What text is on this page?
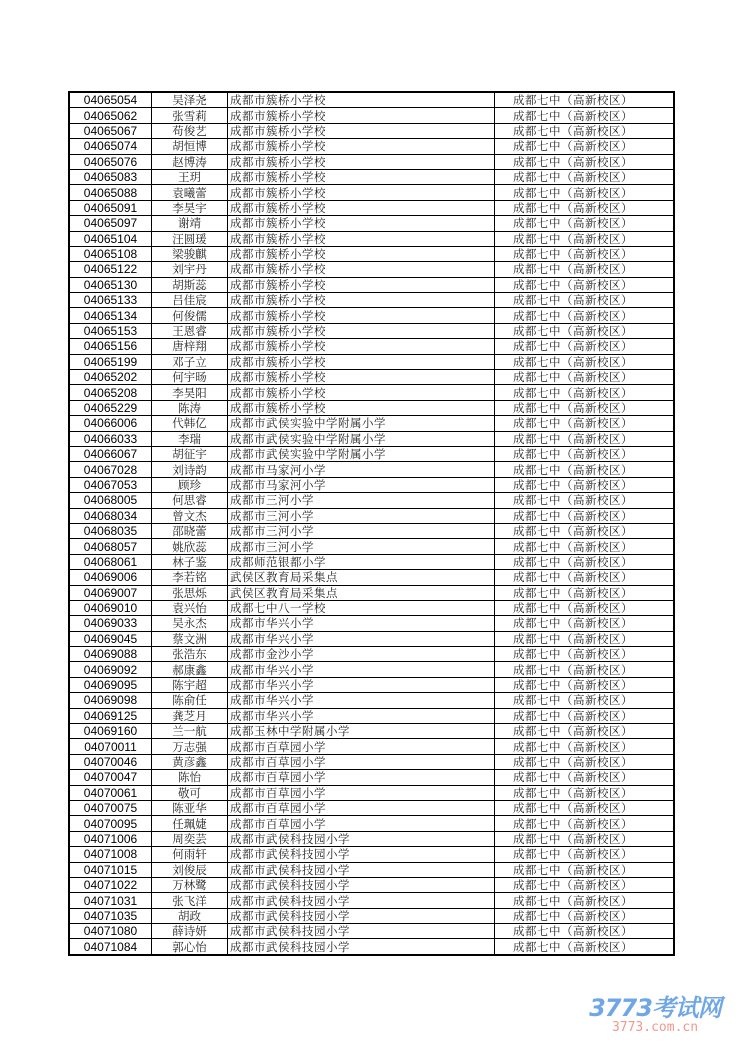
04065054	吴泽尧	成都市簇桥小学校	成都七中（高新校区）
04065062	张雪莉	成都市簇桥小学校	成都七中（高新校区）
04065067	苟俊艺	成都市簇桥小学校	成都七中（高新校区）
04065074	胡恒博	成都市簇桥小学校	成都七中（高新校区）
04065076	赵博涛	成都市簇桥小学校	成都七中（高新校区）
04065083	王玥	成都市簇桥小学校	成都七中（高新校区）
04065088	袁曦蕾	成都市簇桥小学校	成都七中（高新校区）
04065091	李昊宇	成都市簇桥小学校	成都七中（高新校区）
04065097	谢靖	成都市簇桥小学校	成都七中（高新校区）
04065104	汪圆瑗	成都市簇桥小学校	成都七中（高新校区）
04065108	梁骏麒	成都市簇桥小学校	成都七中（高新校区）
04065122	刘宇丹	成都市簇桥小学校	成都七中（高新校区）
04065130	胡斯蕊	成都市簇桥小学校	成都七中（高新校区）
04065133	吕佳宸	成都市簇桥小学校	成都七中（高新校区）
04065134	何俊儒	成都市簇桥小学校	成都七中（高新校区）
04065153	王恩睿	成都市簇桥小学校	成都七中（高新校区）
04065156	唐梓翔	成都市簇桥小学校	成都七中（高新校区）
04065199	邓子立	成都市簇桥小学校	成都七中（高新校区）
04065202	何宇旸	成都市簇桥小学校	成都七中（高新校区）
04065208	李昊阳	成都市簇桥小学校	成都七中（高新校区）
04065229	陈涛	成都市簇桥小学校	成都七中（高新校区）
04066006	代韩亿	成都市武侯实验中学附属小学	成都七中（高新校区）
04066033	李瑞	成都市武侯实验中学附属小学	成都七中（高新校区）
04066067	胡征宇	成都市武侯实验中学附属小学	成都七中（高新校区）
04067028	刘诗韵	成都市马家河小学	成都七中（高新校区）
04067053	顾珍	成都市马家河小学	成都七中（高新校区）
04068005	何思睿	成都市三河小学	成都七中（高新校区）
04068034	曾文杰	成都市三河小学	成都七中（高新校区）
04068035	邵晓蕾	成都市三河小学	成都七中（高新校区）
04068057	姚欣蕊	成都市三河小学	成都七中（高新校区）
04068061	林子鉴	成都师范银都小学	成都七中（高新校区）
04069006	李若铭	武侯区教育局采集点	成都七中（高新校区）
04069007	张思烁	武侯区教育局采集点	成都七中（高新校区）
04069010	袁兴怡	成都七中八一学校	成都七中（高新校区）
04069033	吴永杰	成都市华兴小学	成都七中（高新校区）
04069045	蔡文洲	成都市华兴小学	成都七中（高新校区）
04069088	张浩东	成都市金沙小学	成都七中（高新校区）
04069092	郝康鑫	成都市华兴小学	成都七中（高新校区）
04069095	陈宇超	成都市华兴小学	成都七中（高新校区）
04069098	陈俞任	成都市华兴小学	成都七中（高新校区）
04069125	龚芝月	成都市华兴小学	成都七中（高新校区）
04069160	兰一航	成都玉林中学附属小学	成都七中（高新校区）
04070011	万志强	成都市百草园小学	成都七中（高新校区）
04070046	黄彦鑫	成都市百草园小学	成都七中（高新校区）
04070047	陈怡	成都市百草园小学	成都七中（高新校区）
04070061	敬可	成都市百草园小学	成都七中（高新校区）
04070075	陈亚华	成都市百草园小学	成都七中（高新校区）
04070095	任珮婕	成都市百草园小学	成都七中（高新校区）
04071006	周奕芸	成都市武侯科技园小学	成都七中（高新校区）
04071008	何雨轩	成都市武侯科技园小学	成都七中（高新校区）
04071015	刘俊辰	成都市武侯科技园小学	成都七中（高新校区）
04071022	万林鹭	成都市武侯科技园小学	成都七中（高新校区）
04071031	张飞洋	成都市武侯科技园小学	成都七中（高新校区）
04071035	胡政	成都市武侯科技园小学	成都七中（高新校区）
04071080	薛诗妍	成都市武侯科技园小学	成都七中（高新校区）
04071084	郭心怡	成都市武侯科技园小学	成都七中（高新校区）
3773考试网
3773.com.cn
